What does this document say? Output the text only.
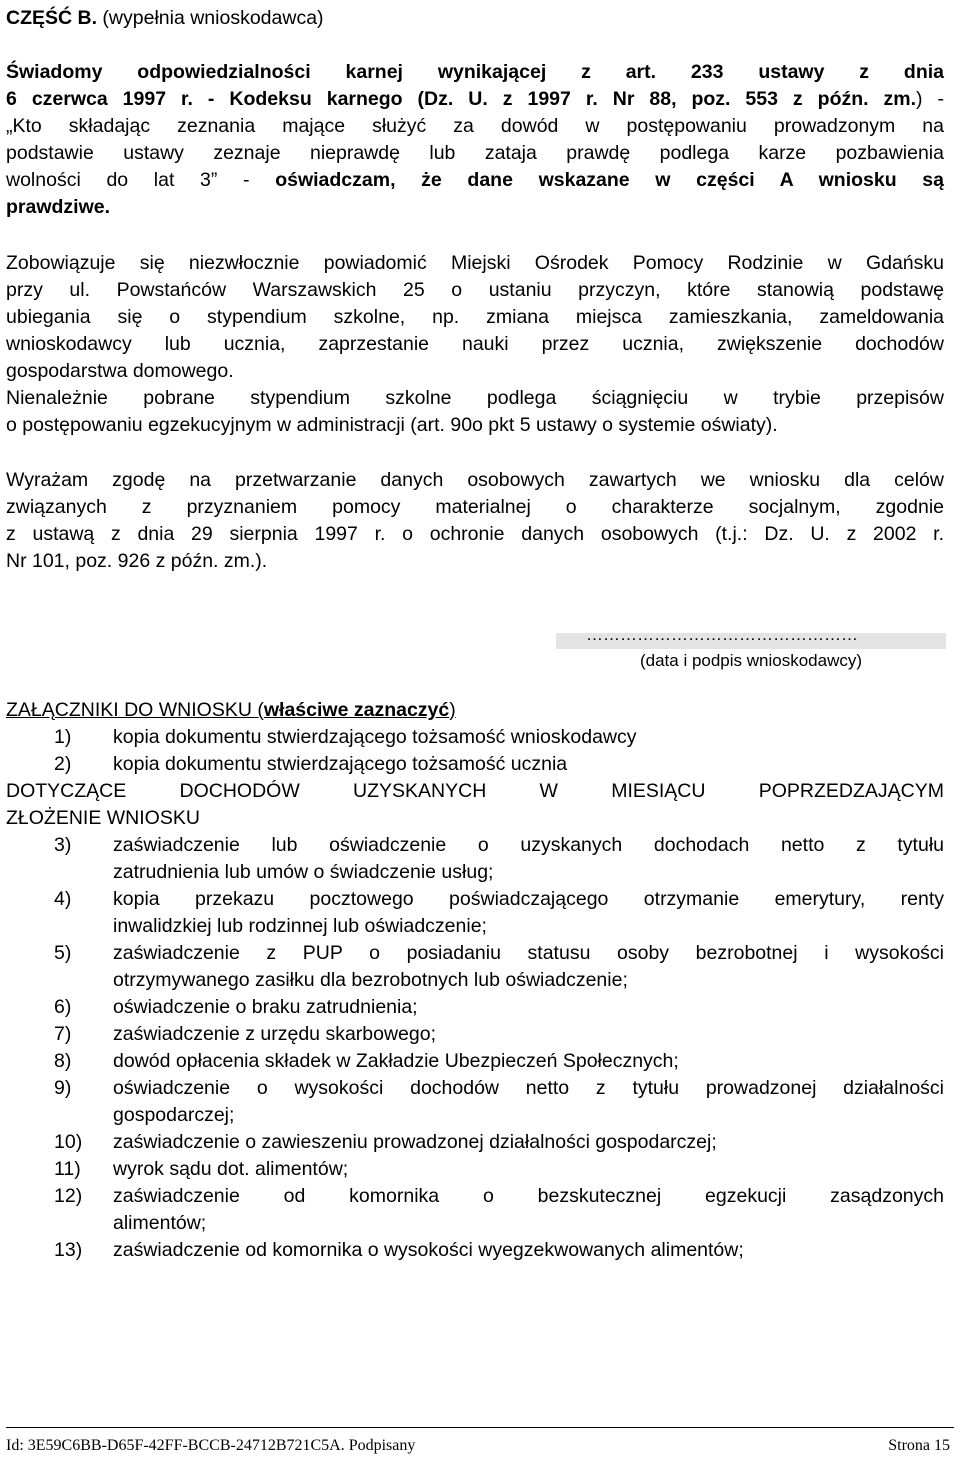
CZĘŚĆ B. (wypełnia wnioskodawca)
Świadomy odpowiedzialności karnej wynikającej z art. 233 ustawy z dnia
6 czerwca 1997 r. - Kodeksu karnego (Dz. U. z 1997 r. Nr 88, poz. 553 z późn. zm.) -
„Kto składając zeznania mające służyć za dowód w postępowaniu prowadzonym na
podstawie ustawy zeznaje nieprawdę lub zataja prawdę podlega karze pozbawienia
wolności do lat 3” - oświadczam, że dane wskazane w części A wniosku są
prawdziwe.
Zobowiązuje się niezwłocznie powiadomić Miejski Ośrodek Pomocy Rodzinie w Gdańsku
przy ul. Powstańców Warszawskich 25 o ustaniu przyczyn, które stanowią podstawę
ubiegania się o stypendium szkolne, np. zmiana miejsca zamieszkania, zameldowania
wnioskodawcy lub ucznia, zaprzestanie nauki przez ucznia, zwiększenie dochodów
gospodarstwa domowego.
Nienależnie pobrane stypendium szkolne podlega ściągnięciu w trybie przepisów
o postępowaniu egzekucyjnym w administracji (art. 90o pkt 5 ustawy o systemie oświaty).
Wyrażam zgodę na przetwarzanie danych osobowych zawartych we wniosku dla celów
związanych z przyznaniem pomocy materialnej o charakterze socjalnym, zgodnie
z ustawą z dnia 29 sierpnia 1997 r. o ochronie danych osobowych (t.j.: Dz. U. z 2002 r.
Nr 101, poz. 926 z późn. zm.).
…………………………………………
(data i podpis wnioskodawcy)
ZAŁĄCZNIKI DO WNIOSKU (właściwe zaznaczyć)
1)	kopia dokumentu stwierdzającego tożsamość wnioskodawcy
2)	kopia dokumentu stwierdzającego tożsamość ucznia
DOTYCZĄCE DOCHODÓW UZYSKANYCH W MIESIĄCU POPRZEDZAJĄCYM
ZŁOŻENIE WNIOSKU
3)	zaświadczenie lub oświadczenie o uzyskanych dochodach netto z tytułu
zatrudnienia lub umów o świadczenie usług;
4)	kopia przekazu pocztowego poświadczającego otrzymanie emerytury, renty
inwalidzkiej lub rodzinnej lub oświadczenie;
5)	zaświadczenie z PUP o posiadaniu statusu osoby bezrobotnej i wysokości
otrzymywanego zasiłku dla bezrobotnych lub oświadczenie;
6)	oświadczenie o braku zatrudnienia;
7)	zaświadczenie z urzędu skarbowego;
8)	dowód opłacenia składek w Zakładzie Ubezpieczeń Społecznych;
9)	oświadczenie o wysokości dochodów netto z tytułu prowadzonej działalności
gospodarczej;
10)	zaświadczenie o zawieszeniu prowadzonej działalności gospodarczej;
11)	wyrok sądu dot. alimentów;
12)	zaświadczenie od komornika o bezskutecznej egzekucji zasądzonych
alimentów;
13)	zaświadczenie od komornika o wysokości wyegzekwowanych alimentów;
Id: 3E59C6BB-D65F-42FF-BCCB-24712B721C5A. Podpisany	Strona 15
